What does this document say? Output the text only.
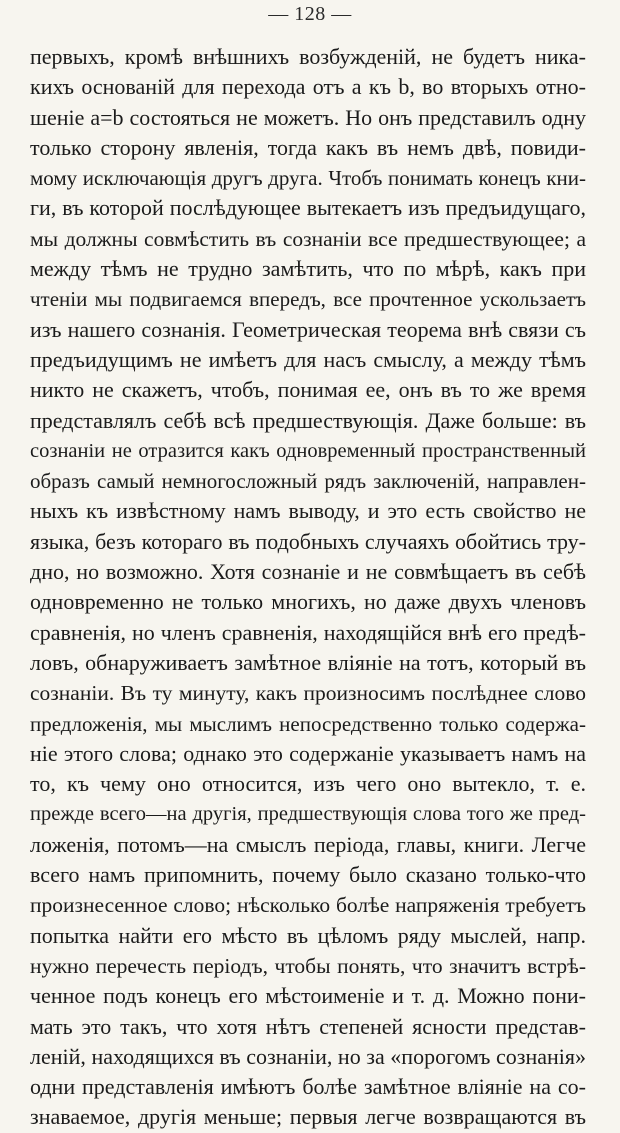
— 128 —
первыхъ, кромѣ внѣшнихъ возбужденій, не будетъ ника-
кихъ основаній для перехода отъ a къ b, во вторыхъ отно-
шеніе a=b состояться не можетъ. Но онъ представилъ одну
только сторону явленія, тогда какъ въ немъ двѣ, повиди-
мому исключающія другъ друга. Чтобъ понимать конецъ кни-
ги, въ которой послѣдующее вытекаетъ изъ предъидущаго,
мы должны совмѣстить въ сознаніи все предшествующее; а
между тѣмъ не трудно замѣтить, что по мѣрѣ, какъ при
чтеніи мы подвигаемся впередъ, все прочтенное ускользаетъ
изъ нашего сознанія. Геометрическая теорема внѣ связи съ
предъидущимъ не имѣетъ для насъ смыслу, а между тѣмъ
никто не скажетъ, чтобъ, понимая ее, онъ въ то же время
представлялъ себѣ всѣ предшествующія. Даже больше: въ
сознаніи не отразится какъ одновременный пространственный
образъ самый немногосложный рядъ заключеній, направлен-
ныхъ къ извѣстному намъ выводу, и это есть свойство не
языка, безъ котораго въ подобныхъ случаяхъ обойтись тру-
дно, но возможно. Хотя сознаніе и не совмѣщаетъ въ себѣ
одновременно не только многихъ, но даже двухъ членовъ
сравненія, но членъ сравненія, находящійся внѣ его предѣ-
ловъ, обнаруживаетъ замѣтное вліяніе на тотъ, который въ
сознаніи. Въ ту минуту, какъ произносимъ послѣднее слово
предложенія, мы мыслимъ непосредственно только содержа-
ніе этого слова; однако это содержаніе указываетъ намъ на
то, къ чему оно относится, изъ чего оно вытекло, т. е.
прежде всего—на другія, предшествующія слова того же пред-
ложенія, потомъ—на смыслъ періода, главы, книги. Легче
всего намъ припомнить, почему было сказано только-что
произнесенное слово; нѣсколько болѣе напряженія требуетъ
попытка найти его мѣсто въ цѣломъ ряду мыслей, напр.
нужно перечесть періодъ, чтобы понять, что значитъ встрѣ-
ченное подъ конецъ его мѣстоименіе и т. д. Можно пони-
мать это такъ, что хотя нѣтъ степеней ясности представ-
леній, находящихся въ сознаніи, но за «порогомъ сознанія»
одни представленія имѣютъ болѣе замѣтное вліяніе на со-
знаваемое, другія меньше; первыя легче возвращаются въ
